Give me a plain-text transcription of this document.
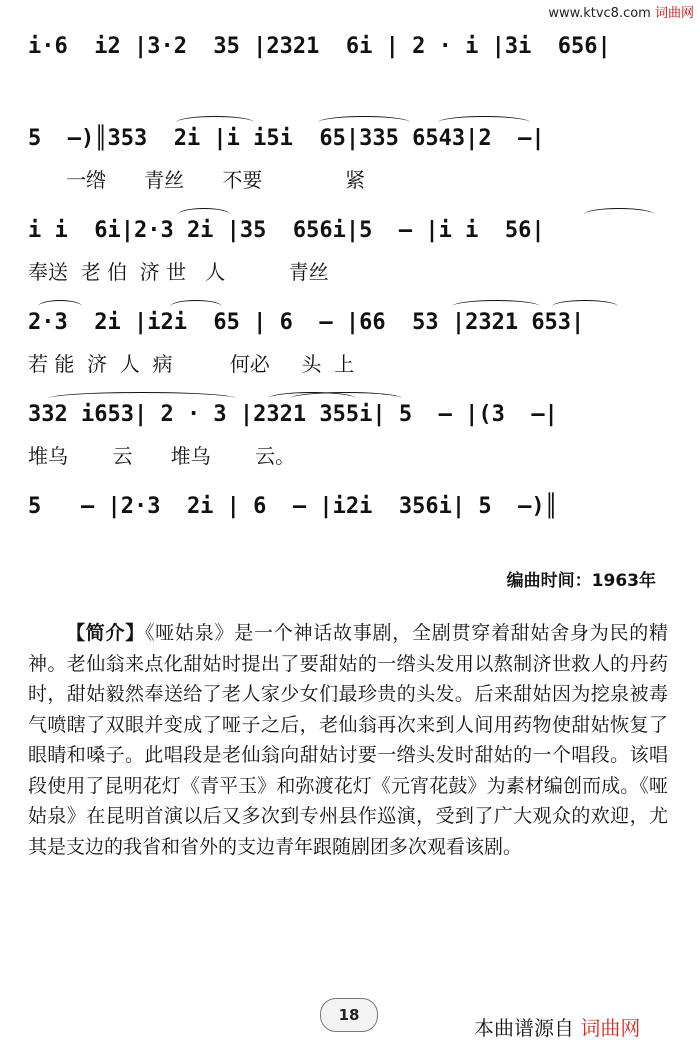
www.ktvc8.com 词曲网
i·6  i2 |3·2  35 |2321  6i | 2 · i |3i  656|
5  —)║353  2i |i i5i  65|335 6543|2  —|
一绺      青丝      不要             紧
i i  6i|2·3 2i |35  656i|5  — |i i  56|
奉送  老 伯  济 世   人          青丝
2·3  2i |i2i  65 | 6  — |66  53 |2321 653|
若 能  济  人  病         何必     头  上
332 i653| 2 · 3 |2321 355i| 5  — |(3  —|
堆乌       云      堆乌       云。
5   — |2·3  2i | 6  — |i2i  356i| 5  —)║
编曲时间：1963年
【简介】《哑姑泉》是一个神话故事剧，全剧贯穿着甜姑舍身为民的精神。老仙翁来点化甜姑时提出了要甜姑的一绺头发用以熬制济世救人的丹药时，甜姑毅然奉送给了老人家少女们最珍贵的头发。后来甜姑因为挖泉被毒气喷瞎了双眼并变成了哑子之后，老仙翁再次来到人间用药物使甜姑恢复了眼睛和嗓子。此唱段是老仙翁向甜姑讨要一绺头发时甜姑的一个唱段。该唱段使用了昆明花灯《青平玉》和弥渡花灯《元宵花鼓》为素材编创而成。《哑姑泉》在昆明首演以后又多次到专州县作巡演，受到了广大观众的欢迎，尤其是支边的我省和省外的支边青年跟随剧团多次观看该剧。
18
本曲谱源自 词曲网
